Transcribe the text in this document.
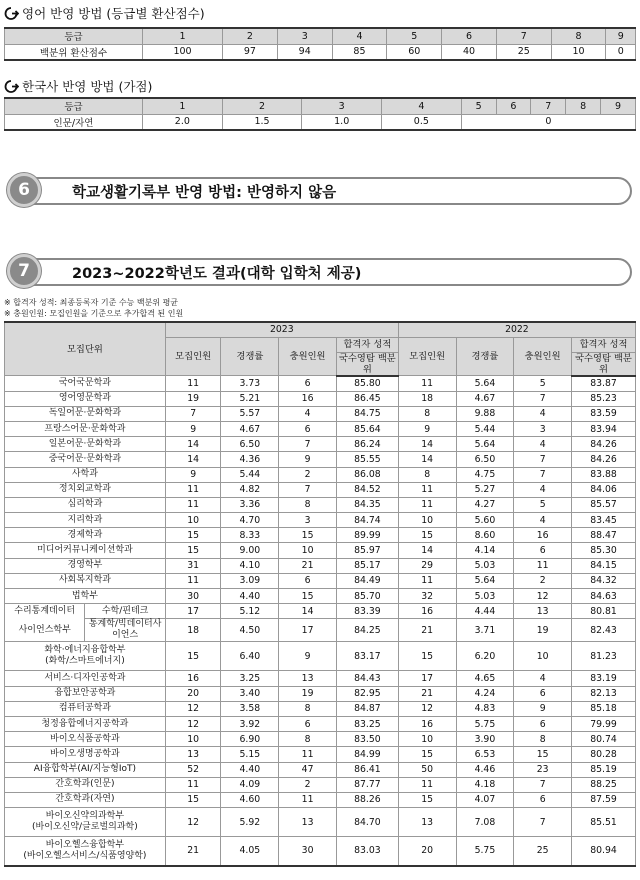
영어 반영 방법 (등급별 환산점수)
등급	1	2	3	4	5	6	7	8	9
백분위 환산점수	100	97	94	85	60	40	25	10	0
한국사 반영 방법 (가점)
등급	1	2	3	4	5	6	7	8	9
인문/자연	2.0	1.5	1.0	0.5	0				
6	학교생활기록부 반영 방법: 반영하지 않음
7	2023~2022학년도 결과(대학 입학처 제공)
※ 합격자 성적: 최종등록자 기준 수능 백분위 평균
※ 충원인원: 모집인원을 기준으로 추가합격 된 인원
모집단위		2023				2022			
		모집인원	경쟁률	충원인원	합격자 성적	모집인원	경쟁률	충원인원	합격자 성적
					국수영탐 백분위				국수영탐 백분위
국어국문학과		11	3.73	6	85.80	11	5.64	5	83.87
영어영문학과		19	5.21	16	86.45	18	4.67	7	85.23
독일어문·문화학과		7	5.57	4	84.75	8	9.88	4	83.59
프랑스어문·문화학과		9	4.67	6	85.64	9	5.44	3	83.94
일본어문·문화학과		14	6.50	7	86.24	14	5.64	4	84.26
중국어문·문화학과		14	4.36	9	85.55	14	6.50	7	84.26
사학과		9	5.44	2	86.08	8	4.75	7	83.88
정치외교학과		11	4.82	7	84.52	11	5.27	4	84.06
심리학과		11	3.36	8	84.35	11	4.27	5	85.57
지리학과		10	4.70	3	84.74	10	5.60	4	83.45
경제학과		15	8.33	15	89.99	15	8.60	16	88.47
미디어커뮤니케이션학과		15	9.00	10	85.97	14	4.14	6	85.30
경영학부		31	4.10	21	85.17	29	5.03	11	84.15
사회복지학과		11	3.09	6	84.49	11	5.64	2	84.32
법학부		30	4.40	15	85.70	32	5.03	12	84.63
수리통계데이터	수학/핀테크	17	5.12	14	83.39	16	4.44	13	80.81
사이언스학부	통계학/빅데이터사이언스	18	4.50	17	84.25	21	3.71	19	82.43

화학·에너지융합학부
(화학/스마트에너지)		15	6.40	9	83.17	15	6.20	10	81.23
서비스·디자인공학과		16	3.25	13	84.43	17	4.65	4	83.19
융합보안공학과		20	3.40	19	82.95	21	4.24	6	82.13
컴퓨터공학과		12	3.58	8	84.87	12	4.83	9	85.18
청정융합에너지공학과		12	3.92	6	83.25	16	5.75	6	79.99
바이오식품공학과		10	6.90	8	83.50	10	3.90	8	80.74
바이오생명공학과		13	5.15	11	84.99	15	6.53	15	80.28
AI융합학부(AI/지능형IoT)		52	4.40	47	86.41	50	4.46	23	85.19
간호학과(인문)		11	4.09	2	87.77	11	4.18	7	88.25
간호학과(자연)		15	4.60	11	88.26	15	4.07	6	87.59

바이오신약의과학부
(바이오신약/글로벌의과학)		12	5.92	13	84.70	13	7.08	7	85.51

바이오헬스융합학부
(바이오헬스서비스/식품영양학)		21	4.05	30	83.03	20	5.75	25	80.94
